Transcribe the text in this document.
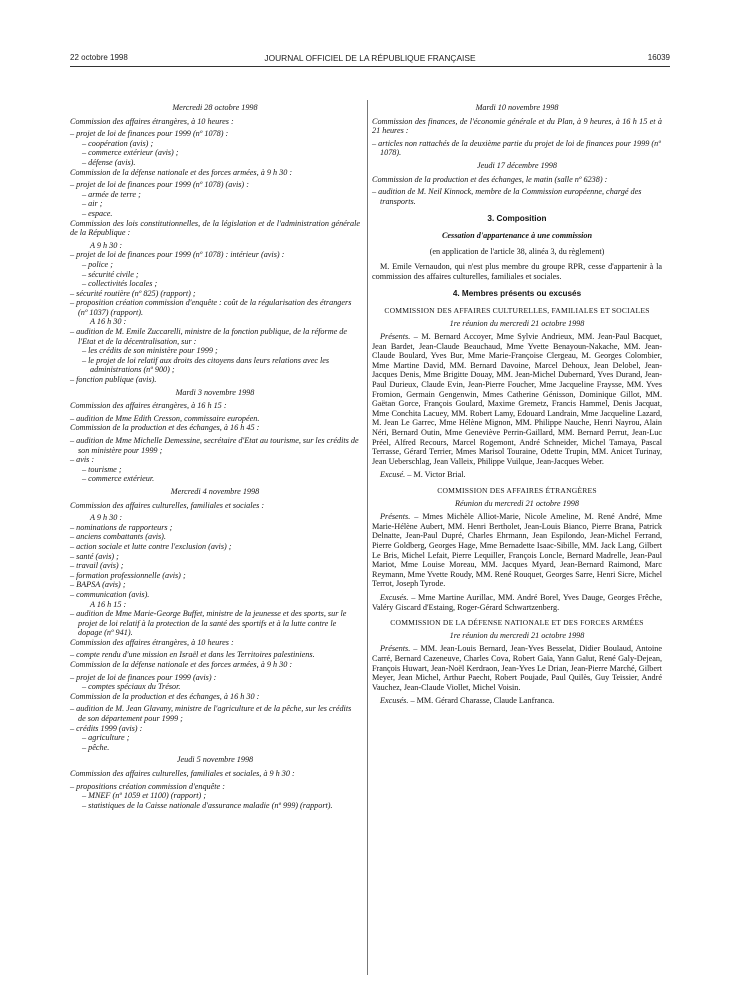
22 octobre 1998	JOURNAL OFFICIEL DE LA RÉPUBLIQUE FRANÇAISE	16039
Mercredi 28 octobre 1998
Commission des affaires étrangères, à 10 heures :
– projet de loi de finances pour 1999 (nº 1078) :
– coopération (avis) ;
– commerce extérieur (avis) ;
– défense (avis).
Commission de la défense nationale et des forces armées, à 9 h 30 :
– projet de loi de finances pour 1999 (nº 1078) (avis) :
– armée de terre ;
– air ;
– espace.
Commission des lois constitutionnelles, de la législation et de l'administration générale de la République :
A 9 h 30 :
– projet de loi de finances pour 1999 (nº 1078) : intérieur (avis) :
– police ;
– sécurité civile ;
– collectivités locales ;
– sécurité routière (nº 825) (rapport) ;
– proposition création commission d'enquête : coût de la régularisation des étrangers (nº 1037) (rapport).
A 16 h 30 :
– audition de M. Emile Zuccarelli, ministre de la fonction publique, de la réforme de l'Etat et de la décentralisation, sur :
– les crédits de son ministère pour 1999 ;
– le projet de loi relatif aux droits des citoyens dans leurs relations avec les administrations (nº 900) ;
– fonction publique (avis).
Mardi 3 novembre 1998
Commission des affaires étrangères, à 16 h 15 :
– audition de Mme Edith Cresson, commissaire européen.
Commission de la production et des échanges, à 16 h 45 :
– audition de Mme Michelle Demessine, secrétaire d'Etat au tourisme, sur les crédits de son ministère pour 1999 ;
– avis :
– tourisme ;
– commerce extérieur.
Mercredi 4 novembre 1998
Commission des affaires culturelles, familiales et sociales :
A 9 h 30 :
– nominations de rapporteurs ;
– anciens combattants (avis).
– action sociale et lutte contre l'exclusion (avis) ;
– santé (avis) ;
– travail (avis) ;
– formation professionnelle (avis) ;
– BAPSA (avis) ;
– communication (avis).
A 16 h 15 :
– audition de Mme Marie-George Buffet, ministre de la jeunesse et des sports, sur le projet de loi relatif à la protection de la santé des sportifs et à la lutte contre le dopage (nº 941).
Commission des affaires étrangères, à 10 heures :
– compte rendu d'une mission en Israël et dans les Territoires palestiniens.
Commission de la défense nationale et des forces armées, à 9 h 30 :
– projet de loi de finances pour 1999 (avis) :
– comptes spéciaux du Trésor.
Commission de la production et des échanges, à 16 h 30 :
– audition de M. Jean Glavany, ministre de l'agriculture et de la pêche, sur les crédits de son département pour 1999 ;
– crédits 1999 (avis) :
– agriculture ;
– pêche.
Jeudi 5 novembre 1998
Commission des affaires culturelles, familiales et sociales, à 9 h 30 :
– propositions création commission d'enquête :
– MNEF (nº 1059 et 1100) (rapport) ;
– statistiques de la Caisse nationale d'assurance maladie (nº 999) (rapport).
Mardi 10 novembre 1998
Commission des finances, de l'économie générale et du Plan, à 9 heures, à 16 h 15 et à 21 heures :
– articles non rattachés de la deuxième partie du projet de loi de finances pour 1999 (nº 1078).
Jeudi 17 décembre 1998
Commission de la production et des échanges, le matin (salle nº 6238) :
– audition de M. Neil Kinnock, membre de la Commission européenne, chargé des transports.
3. Composition
Cessation d'appartenance à une commission
(en application de l'article 38, alinéa 3, du règlement)
M. Emile Vernaudon, qui n'est plus membre du groupe RPR, cesse d'appartenir à la commission des affaires culturelles, familiales et sociales.
4. Membres présents ou excusés
COMMISSION DES AFFAIRES CULTURELLES, FAMILIALES ET SOCIALES
1re réunion du mercredi 21 octobre 1998
Présents. – M. Bernard Accoyer, Mme Sylvie Andrieux, MM. Jean-Paul Bacquet, Jean Bardet, Jean-Claude Beauchaud, Mme Yvette Benayoun-Nakache, MM. Jean-Claude Boulard, Yves Bur, Mme Marie-Françoise Clergeau, M. Georges Colombier, Mme Martine David, MM. Bernard Davoine, Marcel Dehoux, Jean Delobel, Jean-Jacques Denis, Mme Brigitte Douay, MM. Jean-Michel Dubernard, Yves Durand, Jean-Paul Durieux, Claude Evin, Jean-Pierre Foucher, Mme Jacqueline Fraysse, MM. Yves Fromion, Germain Gengenwin, Mmes Catherine Génisson, Dominique Gillot, MM. Gaëtan Gorce, François Goulard, Maxime Gremetz, Francis Hammel, Denis Jacquat, Mme Conchita Lacuey, MM. Robert Lamy, Edouard Landrain, Mme Jacqueline Lazard, M. Jean Le Garrec, Mme Hélène Mignon, MM. Philippe Nauche, Henri Nayrou, Alain Néri, Bernard Outin, Mme Geneviève Perrin-Gaillard, MM. Bernard Perrut, Jean-Luc Préel, Alfred Recours, Marcel Rogemont, André Schneider, Michel Tamaya, Pascal Terrasse, Gérard Terrier, Mmes Marisol Touraine, Odette Trupin, MM. Anicet Turinay, Jean Ueberschlag, Jean Valleix, Philippe Vuilque, Jean-Jacques Weber.
Excusé. – M. Victor Brial.
COMMISSION DES AFFAIRES ÉTRANGÈRES
Réunion du mercredi 21 octobre 1998
Présents. – Mmes Michèle Alliot-Marie, Nicole Ameline, M. René André, Mme Marie-Hélène Aubert, MM. Henri Bertholet, Jean-Louis Bianco, Pierre Brana, Patrick Delnatte, Jean-Paul Dupré, Charles Ehrmann, Jean Espilondo, Jean-Michel Ferrand, Pierre Goldberg, Georges Hage, Mme Bernadette Isaac-Sibille, MM. Jack Lang, Gilbert Le Bris, Michel Lefait, Pierre Lequiller, François Loncle, Bernard Madrelle, Jean-Paul Mariot, Mme Louise Moreau, MM. Jacques Myard, Jean-Bernard Raimond, Marc Reymann, Mme Yvette Roudy, MM. René Rouquet, Georges Sarre, Henri Sicre, Michel Terrot, Joseph Tyrode.
Excusés. – Mme Martine Aurillac, MM. André Borel, Yves Dauge, Georges Frêche, Valéry Giscard d'Estaing, Roger-Gérard Schwartzenberg.
COMMISSION DE LA DÉFENSE NATIONALE ET DES FORCES ARMÉES
1re réunion du mercredi 21 octobre 1998
Présents. – MM. Jean-Louis Bernard, Jean-Yves Besselat, Didier Boulaud, Antoine Carré, Bernard Cazeneuve, Charles Cova, Robert Gaïa, Yann Galut, René Galy-Dejean, François Huwart, Jean-Noël Kerdraon, Jean-Yves Le Drian, Jean-Pierre Marché, Gilbert Meyer, Jean Michel, Arthur Paecht, Robert Poujade, Paul Quilès, Guy Teissier, André Vauchez, Jean-Claude Viollet, Michel Voisin.
Excusés. – MM. Gérard Charasse, Claude Lanfranca.
